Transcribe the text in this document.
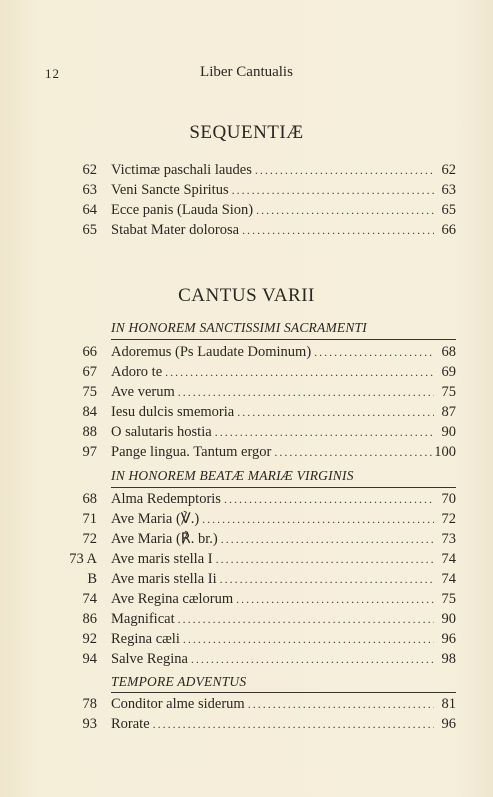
12	Liber Cantualis
SEQUENTIÆ
62 Victimæ paschali laudes . . .	62
63 Veni Sancte Spiritus . . .	63
64 Ecce panis (Lauda Sion) . . .	65
65 Stabat Mater dolorosa . . .	66
CANTUS VARII
IN HONOREM SANCTISSIMI SACRAMENTI
66 Adoremus (Ps Laudate Dominum) . . .	68
67 Adoro te . . .	69
75 Ave verum . . .	75
84 Iesu dulcis smemoria . . .	87
88 O salutaris hostia . . .	90
97 Pange lingua. Tantum ergor . . .	100
IN HONOREM BEATÆ MARIÆ VIRGINIS
68 Alma Redemptoris . . .	70
71 Ave Maria (℣.) . . .	72
72 Ave Maria (℟. br.) . . .	73
73 A Ave maris stella I . . .	74
B Ave maris stella Ii . . .	74
74 Ave Regina cælorum . . .	75
86 Magnificat . . .	90
92 Regina cæli . . .	96
94 Salve Regina . . .	98
TEMPORE ADVENTUS
78 Conditor alme siderum . . .	81
93 Rorate . . .	96
